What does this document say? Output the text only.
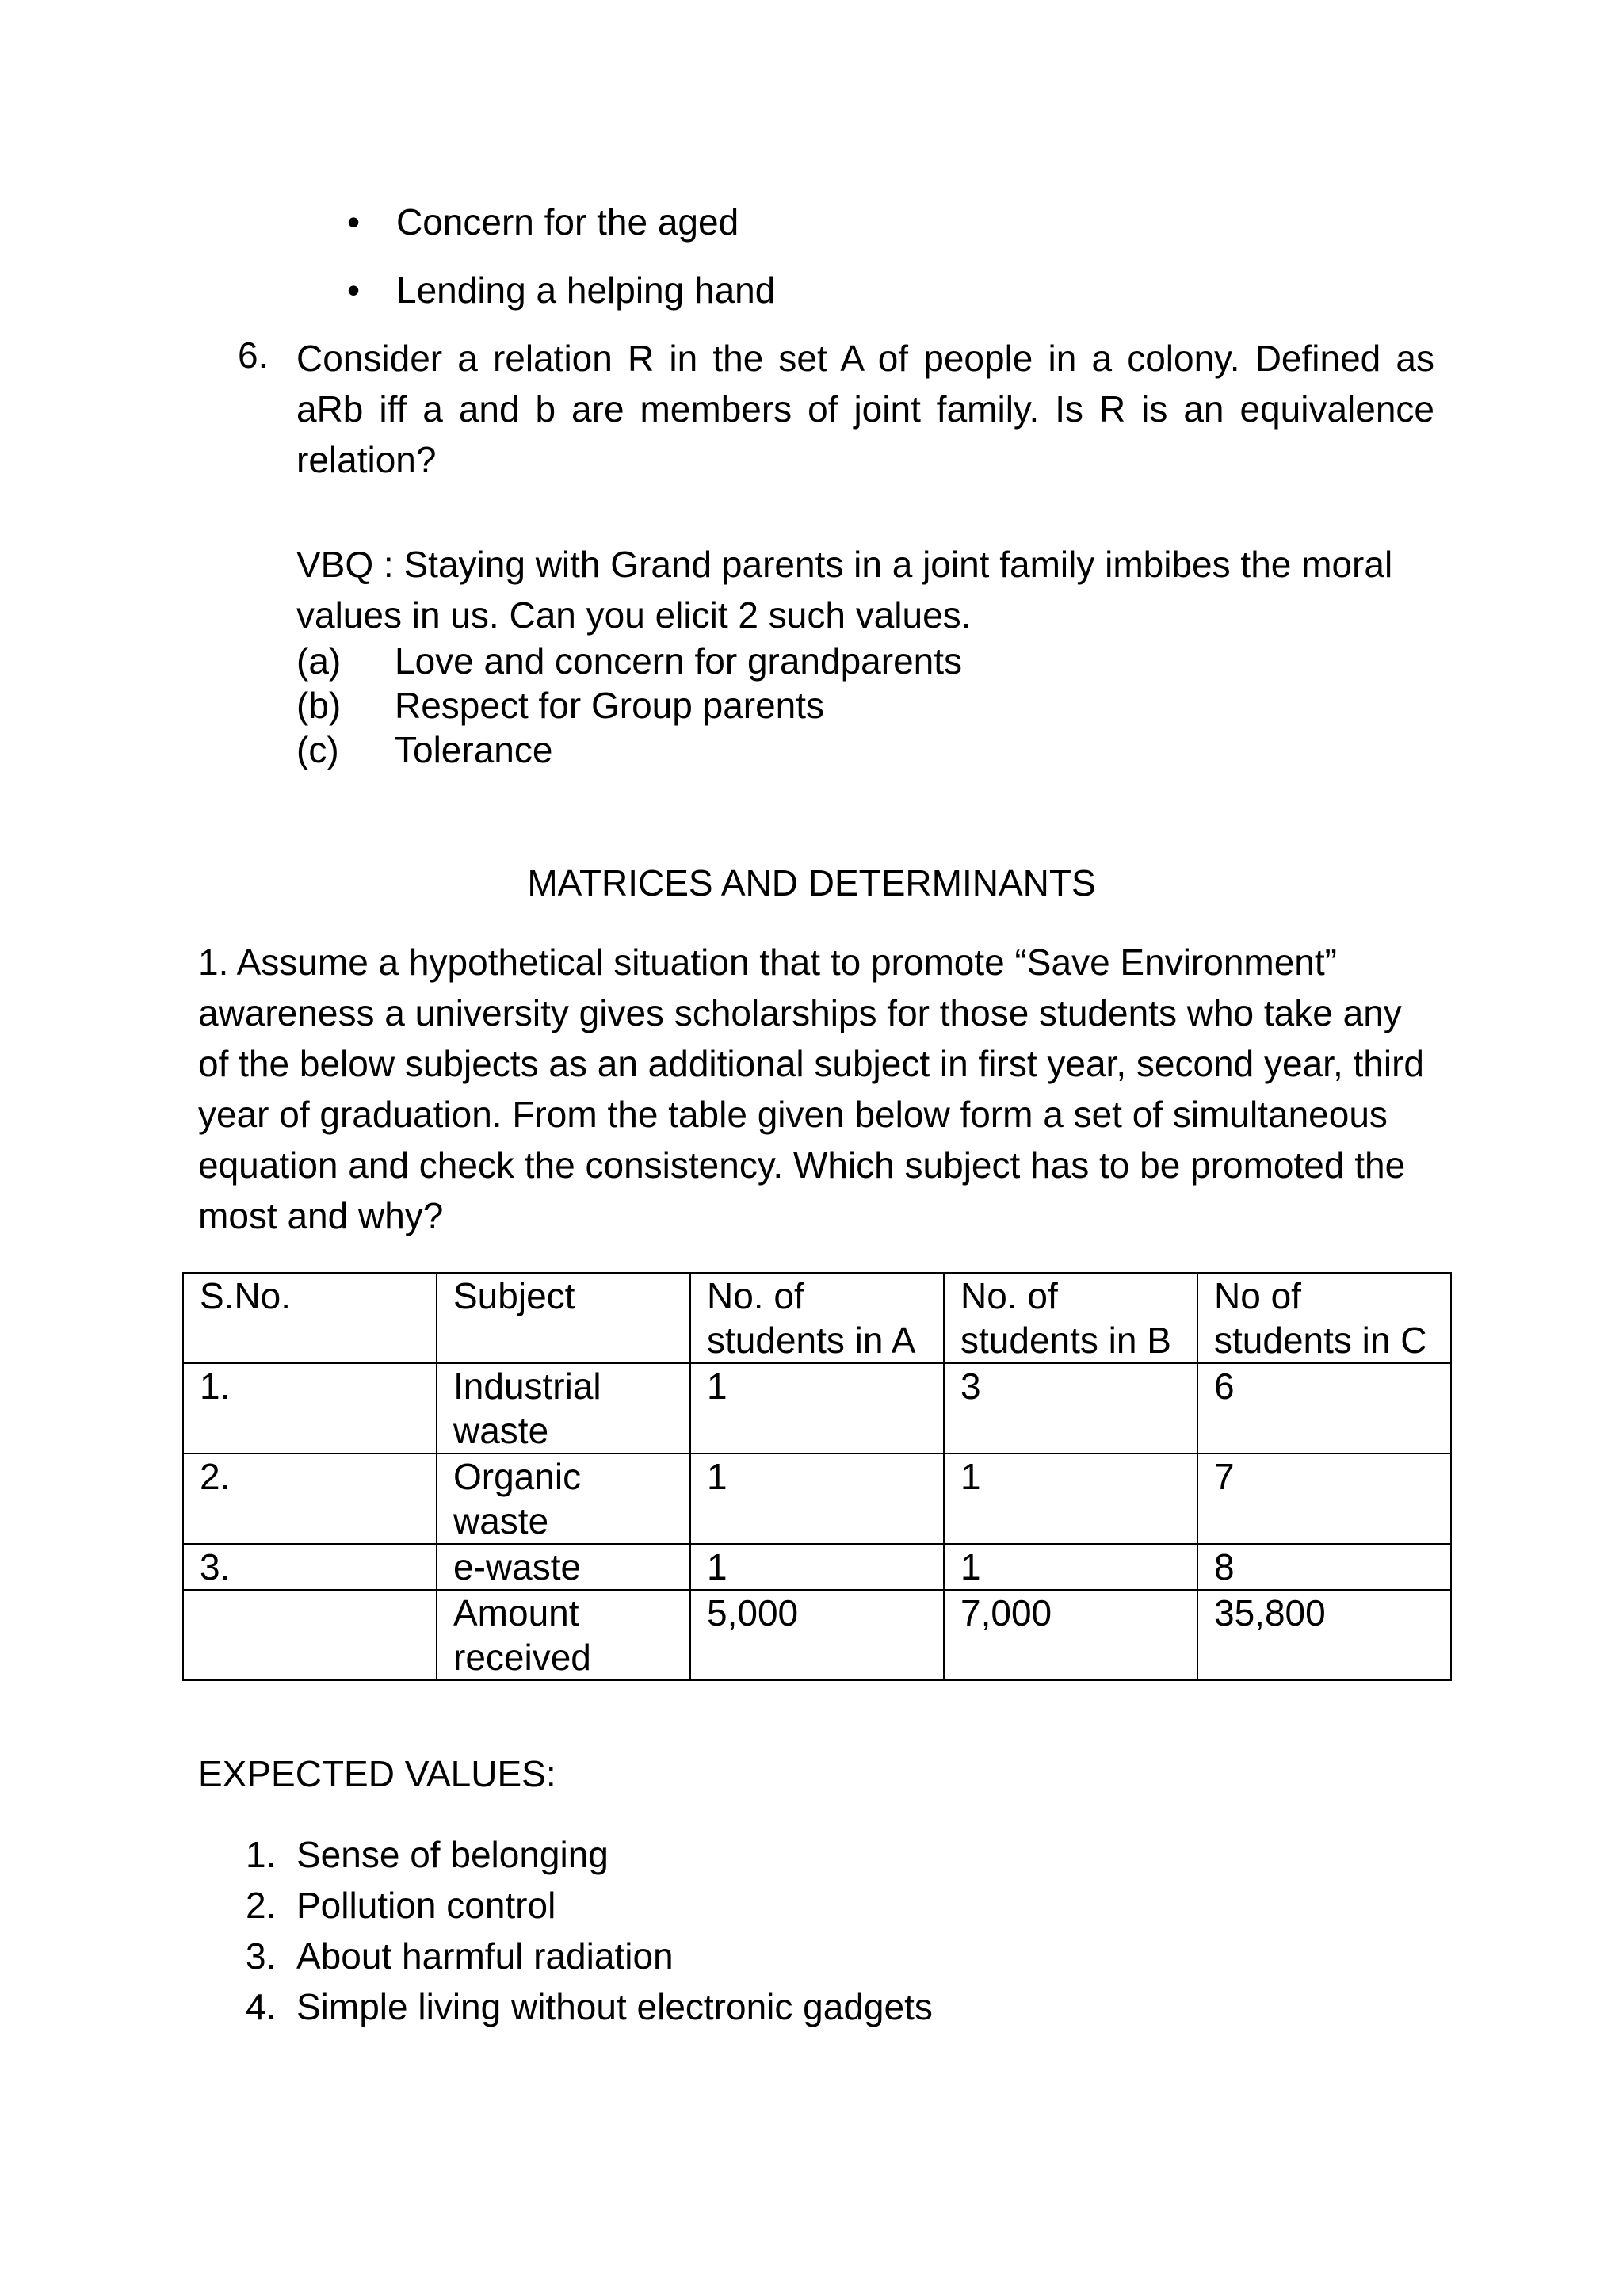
• Concern for the aged
• Lending a helping hand
6. Consider a relation R in the set A of people in a colony. Defined as aRb iff a and b are members of joint family. Is R is an equivalence relation?
VBQ : Staying with Grand parents in a joint family imbibes the moral values in us. Can you elicit 2 such values.
(a)	Love and concern for grandparents
(b)	Respect for Group parents
(c)	Tolerance
MATRICES AND DETERMINANTS
1. Assume a hypothetical situation that to promote “Save Environment” awareness a university gives scholarships for those students who take any of the below subjects as an additional subject in first year, second year, third year of graduation. From the table given below form a set of simultaneous equation and check the consistency. Which subject has to be promoted the most and why?
S.No.	Subject	No. of students in A	No. of students in B	No of students in C
1.	Industrial waste	1	3	6
2.	Organic waste	1	1	7
3.	e-waste	1	1	8
	Amount received	5,000	7,000	35,800
EXPECTED VALUES:
1. Sense of belonging
2. Pollution control
3. About harmful radiation
4. Simple living without electronic gadgets
